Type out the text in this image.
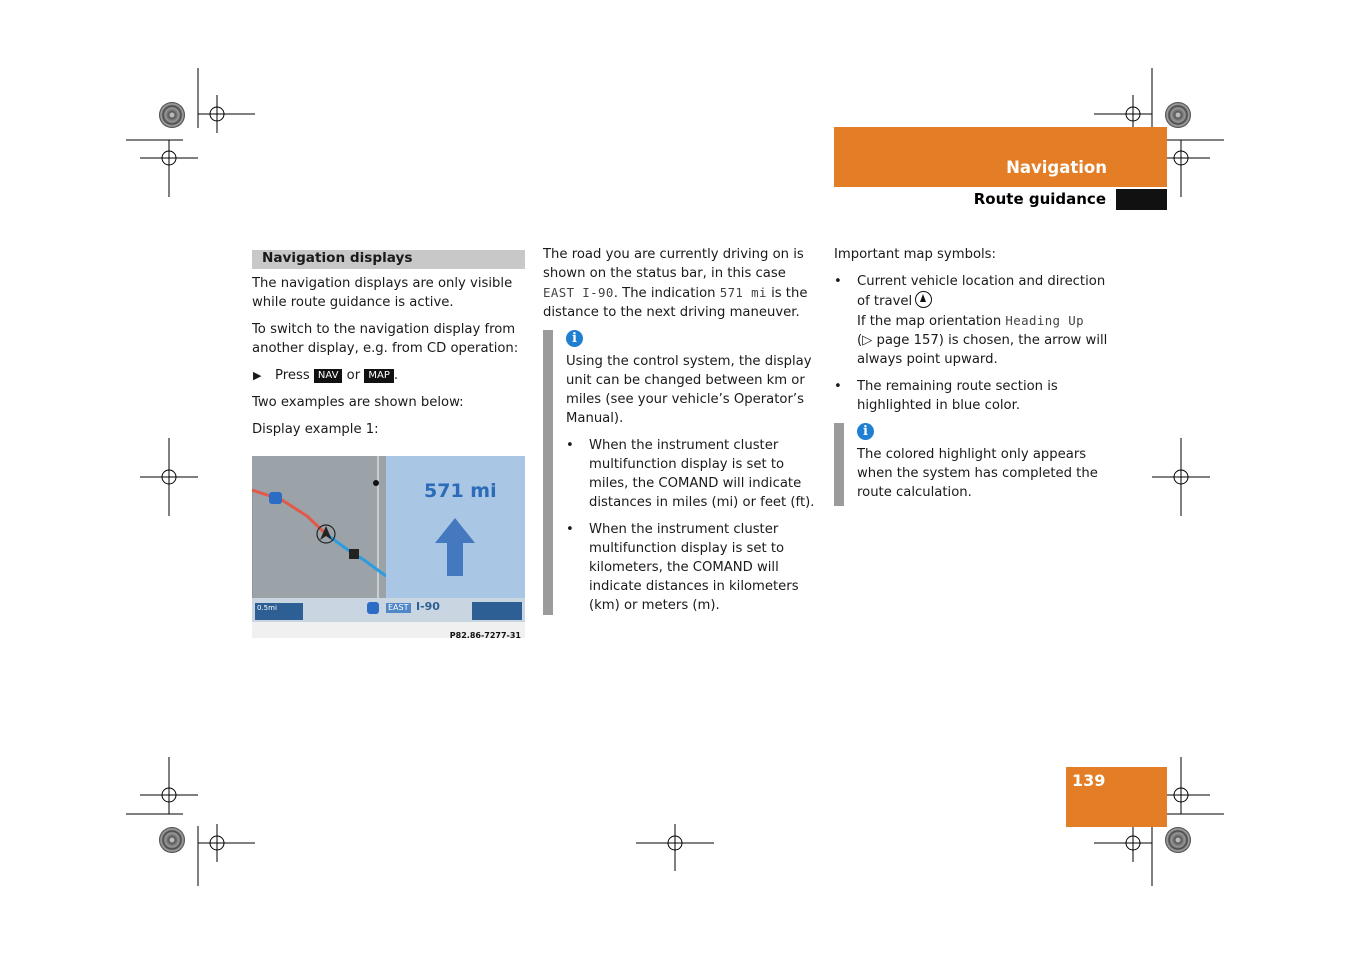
Navigation
Route guidance
Navigation displays

The navigation displays are only visible while route guidance is active.

To switch to the navigation display from another display, e.g. from CD operation:

▶ Press NAV or MAP .

Two examples are shown below:

Display example 1:

571 mi
0.5mi	EAST I-90
P82.86-7277-31

The road you are currently driving on is shown on the status bar, in this case EAST I-90. The indication 571 mi is the distance to the next driving maneuver.

i

Using the control system, the display unit can be changed between km or miles (see your vehicle’s Operator’s Manual).

• When the instrument cluster multifunction display is set to miles, the COMAND will indicate distances in miles (mi) or feet (ft).
• When the instrument cluster multifunction display is set to kilometers, the COMAND will indicate distances in kilometers (km) or meters (m).

Important map symbols:

• Current vehicle location and direction of travel
If the map orientation Heading Up
(▷ page 157) is chosen, the arrow will always point upward.
• The remaining route section is highlighted in blue color.
i

The colored highlight only appears when the system has completed the route calculation.

139
